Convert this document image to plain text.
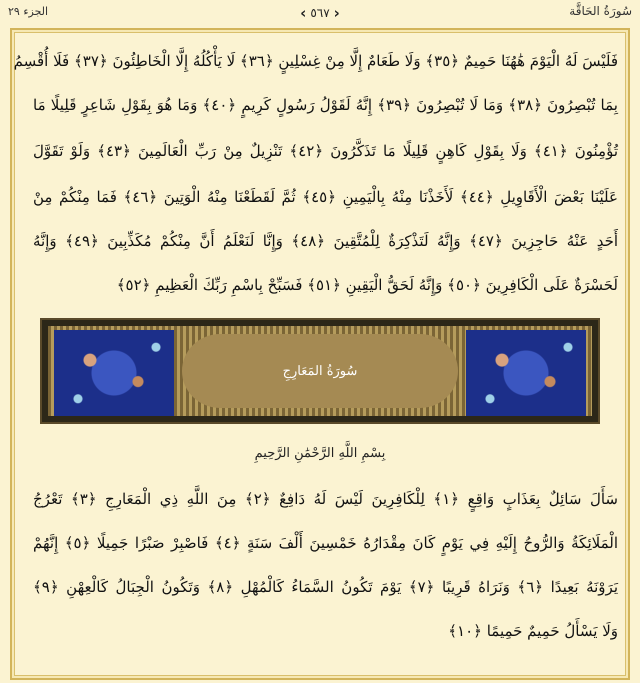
الجزء ٢٩	‹ ٥٦٧ ›	سُورَةُ الحَاقَّة
فَلَيْسَ لَهُ الْيَوْمَ هَٰهُنَا حَمِيمٌ ﴿٣٥﴾ وَلَا طَعَامٌ إِلَّا مِنْ غِسْلِينٍ ﴿٣٦﴾ لَا يَأْكُلُهُ إِلَّا الْخَاطِئُونَ ﴿٣٧﴾ فَلَا أُقْسِمُ
بِمَا تُبْصِرُونَ ﴿٣٨﴾ وَمَا لَا تُبْصِرُونَ ﴿٣٩﴾ إِنَّهُ لَقَوْلُ رَسُولٍ كَرِيمٍ ﴿٤٠﴾ وَمَا هُوَ بِقَوْلِ شَاعِرٍ قَلِيلًا مَا
تُؤْمِنُونَ ﴿٤١﴾ وَلَا بِقَوْلِ كَاهِنٍ قَلِيلًا مَا تَذَكَّرُونَ ﴿٤٢﴾ تَنْزِيلٌ مِنْ رَبِّ الْعَالَمِينَ ﴿٤٣﴾ وَلَوْ تَقَوَّلَ
عَلَيْنَا بَعْضَ الْأَقَاوِيلِ ﴿٤٤﴾ لَأَخَذْنَا مِنْهُ بِالْيَمِينِ ﴿٤٥﴾ ثُمَّ لَقَطَعْنَا مِنْهُ الْوَتِينَ ﴿٤٦﴾ فَمَا مِنْكُمْ مِنْ
أَحَدٍ عَنْهُ حَاجِزِينَ ﴿٤٧﴾ وَإِنَّهُ لَتَذْكِرَةٌ لِلْمُتَّقِينَ ﴿٤٨﴾ وَإِنَّا لَنَعْلَمُ أَنَّ مِنْكُمْ مُكَذِّبِينَ ﴿٤٩﴾ وَإِنَّهُ
لَحَسْرَةٌ عَلَى الْكَافِرِينَ ﴿٥٠﴾ وَإِنَّهُ لَحَقُّ الْيَقِينِ ﴿٥١﴾ فَسَبِّحْ بِاسْمِ رَبِّكَ الْعَظِيمِ ﴿٥٢﴾
سُورَةُ المَعَارِجِ
بِسْمِ اللَّهِ الرَّحْمَٰنِ الرَّحِيمِ
سَأَلَ سَائِلٌ بِعَذَابٍ وَاقِعٍ ﴿١﴾ لِلْكَافِرِينَ لَيْسَ لَهُ دَافِعٌ ﴿٢﴾ مِنَ اللَّهِ ذِي الْمَعَارِجِ ﴿٣﴾ تَعْرُجُ
الْمَلَائِكَةُ وَالرُّوحُ إِلَيْهِ فِي يَوْمٍ كَانَ مِقْدَارُهُ خَمْسِينَ أَلْفَ سَنَةٍ ﴿٤﴾ فَاصْبِرْ صَبْرًا جَمِيلًا ﴿٥﴾ إِنَّهُمْ
يَرَوْنَهُ بَعِيدًا ﴿٦﴾ وَنَرَاهُ قَرِيبًا ﴿٧﴾ يَوْمَ تَكُونُ السَّمَاءُ كَالْمُهْلِ ﴿٨﴾ وَتَكُونُ الْجِبَالُ كَالْعِهْنِ ﴿٩﴾
وَلَا يَسْأَلُ حَمِيمٌ حَمِيمًا ﴿١٠﴾
